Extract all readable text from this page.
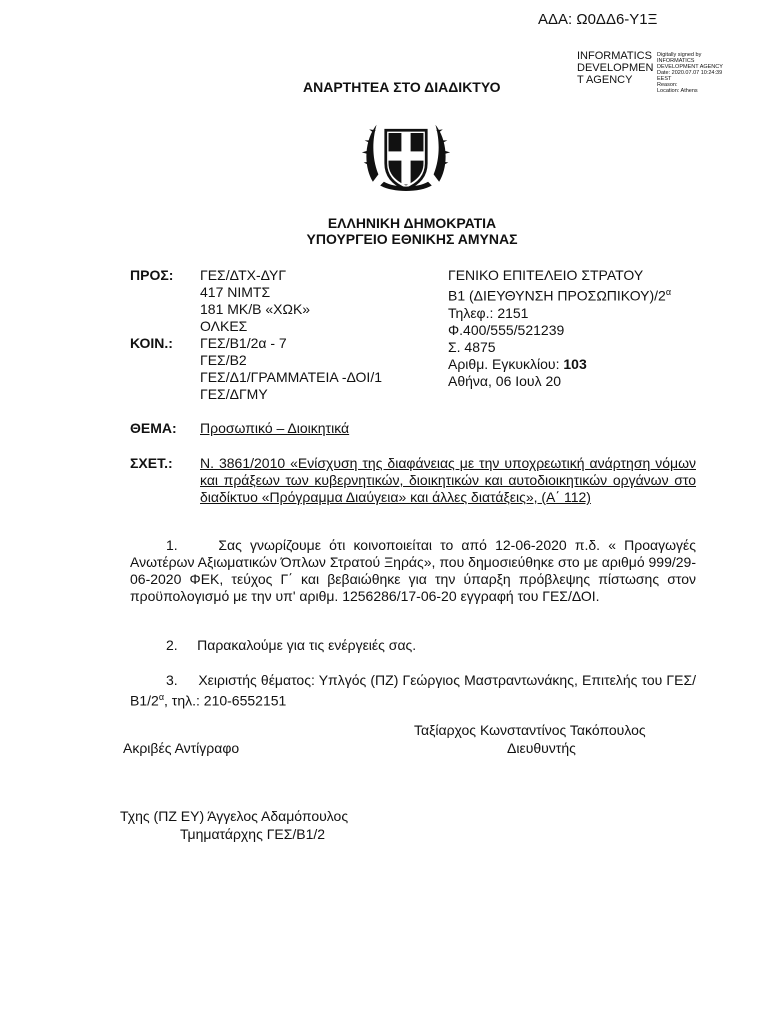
ΑΔΑ: Ω0ΔΔ6-Υ1Ξ
INFORMATICS
DEVELOPMEN
T AGENCY
Digitally signed by
INFORMATICS
DEVELOPMENT AGENCY
Date: 2020.07.07 10:24:39
EEST
Reason:
Location: Athens
ΑΝΑΡΤΗΤΕΑ ΣΤΟ ΔΙΑΔΙΚΤΥΟ
ΕΛΛΗΝΙΚΗ ΔΗΜΟΚΡΑΤΙΑ
ΥΠΟΥΡΓΕΙΟ ΕΘΝΙΚΗΣ ΑΜΥΝΑΣ
ΠΡΟΣ: ΓΕΣ/ΔΤΧ-ΔΥΓ
417 ΝΙΜΤΣ
181 ΜΚ/Β «ΧΩΚ»
ΟΛΚΕΣ
ΚΟΙΝ.: ΓΕΣ/Β1/2α - 7
ΓΕΣ/Β2
ΓΕΣ/Δ1/ΓΡΑΜΜΑΤΕΙΑ -ΔΟΙ/1
ΓΕΣ/ΔΓΜΥ
ΓΕΝΙΚΟ ΕΠΙΤΕΛΕΙΟ ΣΤΡΑΤΟΥ
Β1 (ΔΙΕΥΘΥΝΣΗ $\Pi PO\Sigma\Omega\Pi IKO\Upsilon)/2^\alpha$
Τηλεφ.: 2151
Φ.400/555/521239
Σ. 4875
Αριθμ. Εγκυκλίου: 103
Αθήνα, 06 Ιουλ 20
ΘΕΜΑ: Προσωπικό – Διοικητικά
ΣΧΕΤ.: Ν. 3861/2010 «Ενίσχυση της διαφάνειας με την υποχρεωτική ανάρτηση νόμων και πράξεων των κυβερνητικών, διοικητικών και αυτοδιοικητικών οργάνων στο διαδίκτυο «Πρόγραμμα Διαύγεια» και άλλες διατάξεις», (Α΄ 112)
1.	Σας γνωρίζουμε ότι κοινοποιείται το από 12-06-2020 π.δ. « Προαγωγές Ανωτέρων Αξιωματικών Όπλων Στρατού Ξηράς», που δημοσιεύθηκε στο με αριθμό 999/29-06-2020 ΦΕΚ, τεύχος Γ΄ και βεβαιώθηκε για την ύπαρξη πρόβλεψης πίστωσης στον προϋπολογισμό με την υπ' αριθμ. 1256286/17-06-20 εγγραφή του ΓΕΣ/ΔΟΙ.
2. Παρακαλούμε για τις ενέργειές σας.
3. Χειριστής θέματος: Υπλγός (ΠΖ) Γεώργιος Μαστραντωνάκης, Επιτελής του ΓΕΣ/$B1/2^\alpha$, τηλ.: 210-6552151
Ταξίαρχος Κωνσταντίνος Τακόπουλος
Διευθυντής
Ακριβές Αντίγραφο
Τχης (ΠΖ ΕΥ) Άγγελος Αδαμόπουλος
Τμηματάρχης ΓΕΣ/Β1/2
